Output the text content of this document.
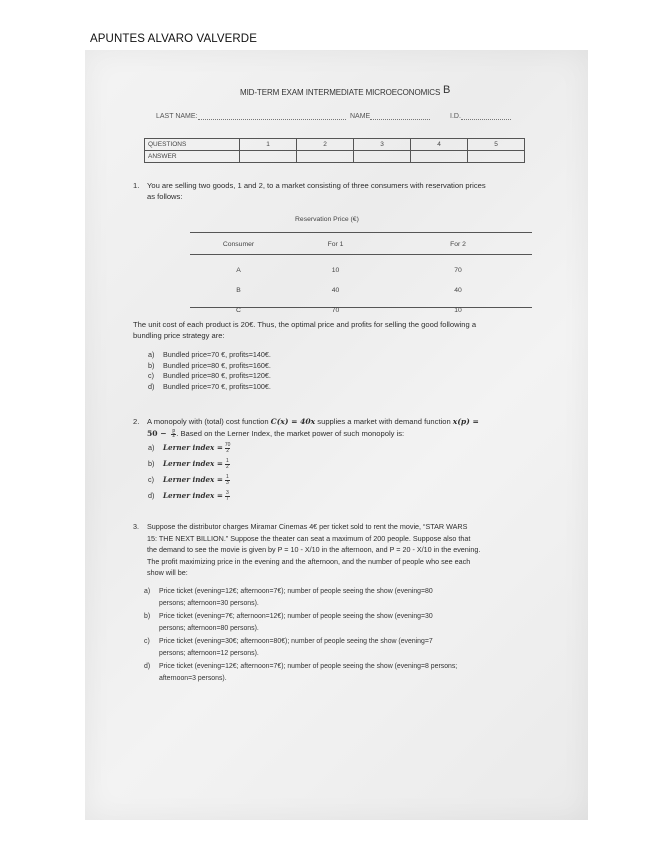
APUNTES ALVARO VALVERDE
MID-TERM EXAM INTERMEDIATE MICROECONOMICS B
LAST NAME:	NAME	I.D.
QUESTIONS	1	2	3	4	5
ANSWER					
1. You are selling two goods, 1 and 2, to a market consisting of three consumers with reservation prices
as follows:
Reservation Price (€)
Consumer	For 1	For 2

A	10	70
B	40	40
C	70	10
The unit cost of each product is 20€. Thus, the optimal price and profits for selling the good following a
bundling price strategy are:
a) Bundled price=70 €, profits=140€.
b) Bundled price=80 €, profits=160€.
c) Bundled price=80 €, profits=120€.
d) Bundled price=70 €, profits=100€.
2. A monopoly with (total) cost function C(x) = 40x supplies a market with demand function x(p) =
$50 - \frac{p}{2}$ . Based on the Lerner Index, the market power of such monopoly is:
a) Lerner index = $\frac{70}{2}$
b) Lerner index = $\frac{1}{2}$
c) Lerner index = $\frac{1}{3}$
d) Lerner index = $\frac{3}{7}$
3. Suppose the distributor charges Miramar Cinemas 4€ per ticket sold to rent the movie, “STAR WARS
15: THE NEXT BILLION.” Suppose the theater can seat a maximum of 200 people. Suppose also that
the demand to see the movie is given by P = 10 - X/10 in the afternoon, and P = 20 - X/10 in the evening.
The profit maximizing price in the evening and the afternoon, and the number of people who see each
show will be:
a) Price ticket (evening=12€; afternoon=7€); number of people seeing the show (evening=80
persons; afternoon=30 persons).
b) Price ticket (evening=7€; afternoon=12€); number of people seeing the show (evening=30
persons; afternoon=80 persons).
c) Price ticket (evening=30€; afternoon=80€); number of people seeing the show (evening=7
persons; afternoon=12 persons).
d) Price ticket (evening=12€; afternoon=7€); number of people seeing the show (evening=8 persons;
afternoon=3 persons).
